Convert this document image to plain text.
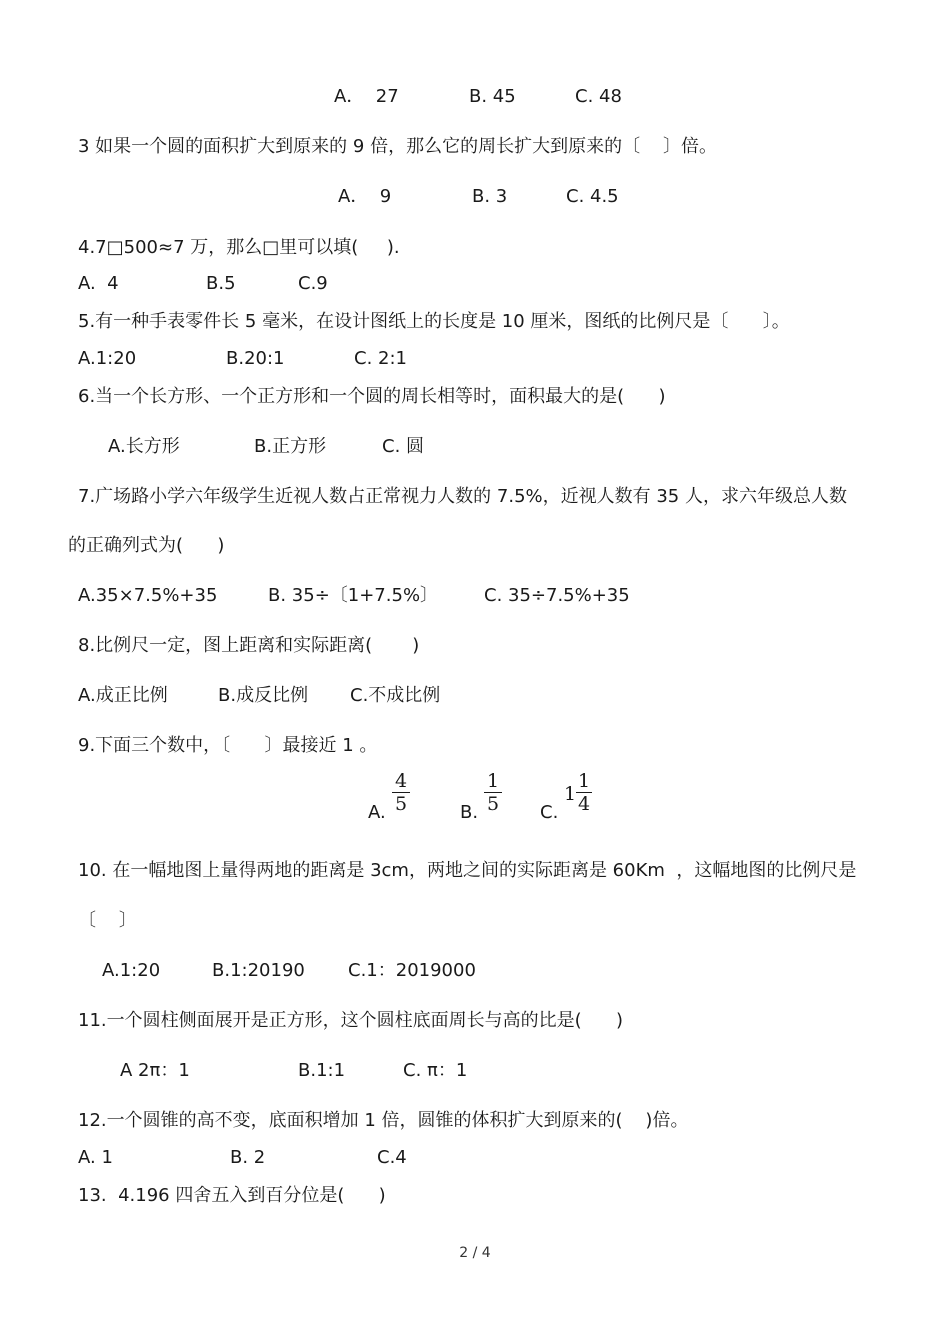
A．  27	B. 45	C. 48
3 如果一个圆的面积扩大到原来的 9 倍，那么它的周长扩大到原来的〔    〕倍。
A．  9	B. 3	C. 4.5
4.7□500≈7 万，那么□里可以填(     ).
A.  4	B.5	C.9
5.有一种手表零件长 5 毫米，在设计图纸上的长度是 10 厘米，图纸的比例尺是〔      〕。
A.1:20	B.20:1	C. 2:1
6.当一个长方形、一个正方形和一个圆的周长相等时，面积最大的是(      )
A.长方形	B.正方形	C. 圆
7.广场路小学六年级学生近视人数占正常视力人数的 7.5%，近视人数有 35 人，求六年级总人数
的正确列式为(      )
A.35×7.5%+35	B. 35÷〔1+7.5%〕	C. 35÷7.5%+35
8.比例尺一定，图上距离和实际距离(       )
A.成正比例	B.成反比例 C.不成比例
9.下面三个数中，〔      〕最接近 1 。
A.
4
5	B.
1
5 C.
1
1
4
10. 在一幅地图上量得两地的距离是 3cm，两地之间的实际距离是 60Km  ，这幅地图的比例尺是
〔    〕
A.1:20	B.1:20190 C.1：2019000
11.一个圆柱侧面展开是正方形，这个圆柱底面周长与高的比是(      )
A 2π：1	B.1:1	C. π：1
12.一个圆锥的高不变，底面积增加 1 倍，圆锥的体积扩大到原来的(    )倍。
A. 1	B. 2	C.4
13.  4.196 四舍五入到百分位是(      )
2 / 4
